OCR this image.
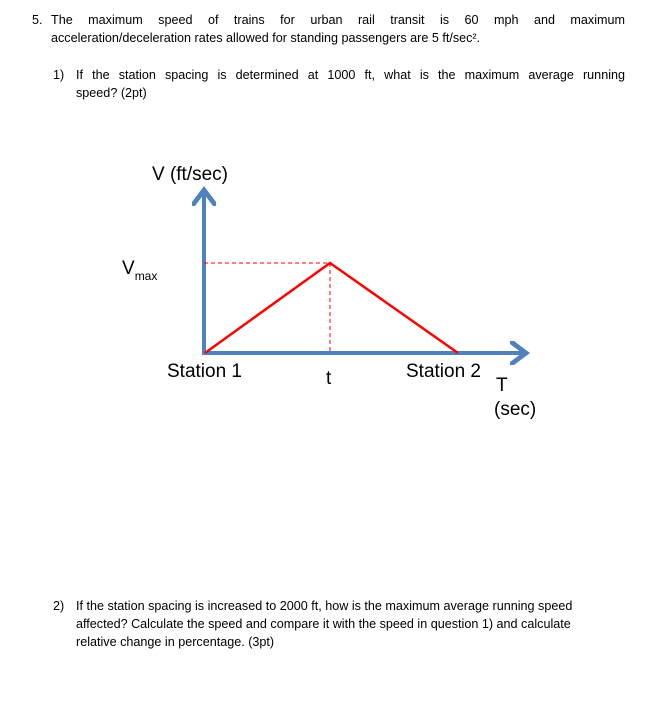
5. The maximum speed of trains for urban rail transit is 60 mph and maximum
acceleration/deceleration rates allowed for standing passengers are 5 ft/sec².
1) If the station spacing is determined at 1000 ft, what is the maximum average running
speed? (2pt)
V (ft/sec)
$V_{max}$
Station 1	t	Station 2
T
(sec)
2) If the station spacing is increased to 2000 ft, how is the maximum average running speed
affected? Calculate the speed and compare it with the speed in question 1) and calculate
relative change in percentage. (3pt)
